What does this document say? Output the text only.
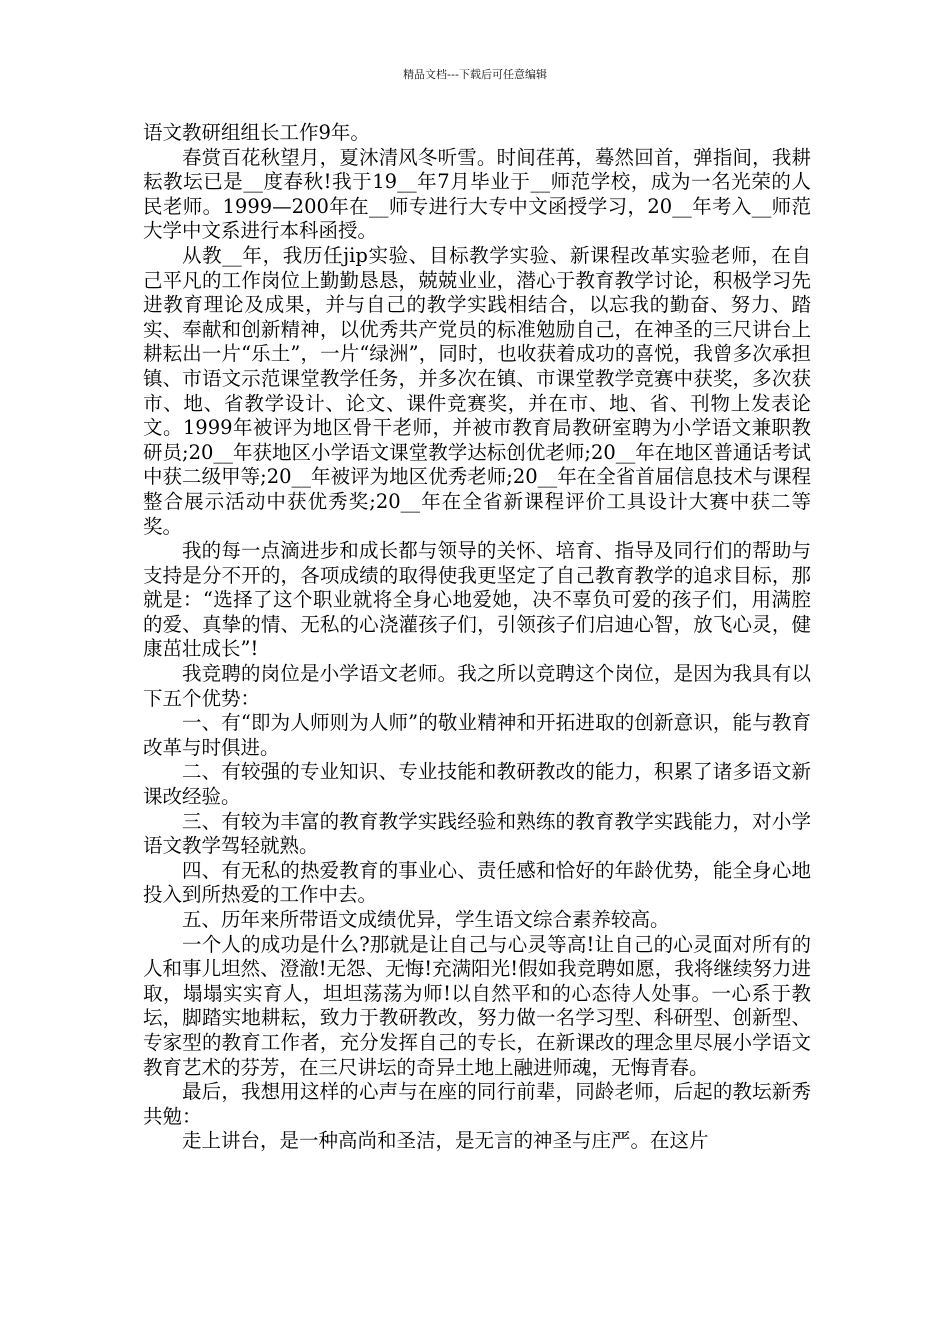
精品文档---下载后可任意编辑

语文教研组组长工作9年。

春赏百花秋望月，夏沐清风冬听雪。时间荏苒，蓦然回首，弹指间，我耕耘教坛已是__度春秋!我于19__年7月毕业于__师范学校，成为一名光荣的人民老师。1999—200年在__师专进行大专中文函授学习，20__年考入__师范大学中文系进行本科函授。

从教__年，我历任jip实验、目标教学实验、新课程改革实验老师，在自己平凡的工作岗位上勤勤恳恳，兢兢业业，潜心于教育教学讨论，积极学习先进教育理论及成果，并与自己的教学实践相结合，以忘我的勤奋、努力、踏实、奉献和创新精神，以优秀共产党员的标准勉励自己，在神圣的三尺讲台上耕耘出一片“乐土”，一片“绿洲”，同时，也收获着成功的喜悦，我曾多次承担镇、市语文示范课堂教学任务，并多次在镇、市课堂教学竞赛中获奖，多次获市、地、省教学设计、论文、课件竞赛奖，并在市、地、省、刊物上发表论文。1999年被评为地区骨干老师，并被市教育局教研室聘为小学语文兼职教研员;20__年获地区小学语文课堂教学达标创优老师;20__年在地区普通话考试中获二级甲等;20__年被评为地区优秀老师;20__年在全省首届信息技术与课程整合展示活动中获优秀奖;20__年在全省新课程评价工具设计大赛中获二等奖。

我的每一点滴进步和成长都与领导的关怀、培育、指导及同行们的帮助与支持是分不开的，各项成绩的取得使我更坚定了自己教育教学的追求目标，那就是：“选择了这个职业就将全身心地爱她，决不辜负可爱的孩子们，用满腔的爱、真挚的情、无私的心浇灌孩子们，引领孩子们启迪心智，放飞心灵，健康茁壮成长”!

我竞聘的岗位是小学语文老师。我之所以竞聘这个岗位，是因为我具有以下五个优势：

一、有“即为人师则为人师”的敬业精神和开拓进取的创新意识，能与教育改革与时俱进。

二、有较强的专业知识、专业技能和教研教改的能力，积累了诸多语文新课改经验。

三、有较为丰富的教育教学实践经验和熟练的教育教学实践能力，对小学语文教学驾轻就熟。

四、有无私的热爱教育的事业心、责任感和恰好的年龄优势，能全身心地投入到所热爱的工作中去。

五、历年来所带语文成绩优异，学生语文综合素养较高。

一个人的成功是什么?那就是让自己与心灵等高!让自己的心灵面对所有的人和事儿坦然、澄澈!无怨、无悔!充满阳光!假如我竞聘如愿，我将继续努力进取，塌塌实实育人，坦坦荡荡为师!以自然平和的心态待人处事。一心系于教坛，脚踏实地耕耘，致力于教研教改，努力做一名学习型、科研型、创新型、专家型的教育工作者，充分发挥自己的专长，在新课改的理念里尽展小学语文教育艺术的芬芳，在三尺讲坛的奇异土地上融进师魂，无悔青春。

最后，我想用这样的心声与在座的同行前辈，同龄老师，后起的教坛新秀共勉：

走上讲台，是一种高尚和圣洁，是无言的神圣与庄严。在这片
